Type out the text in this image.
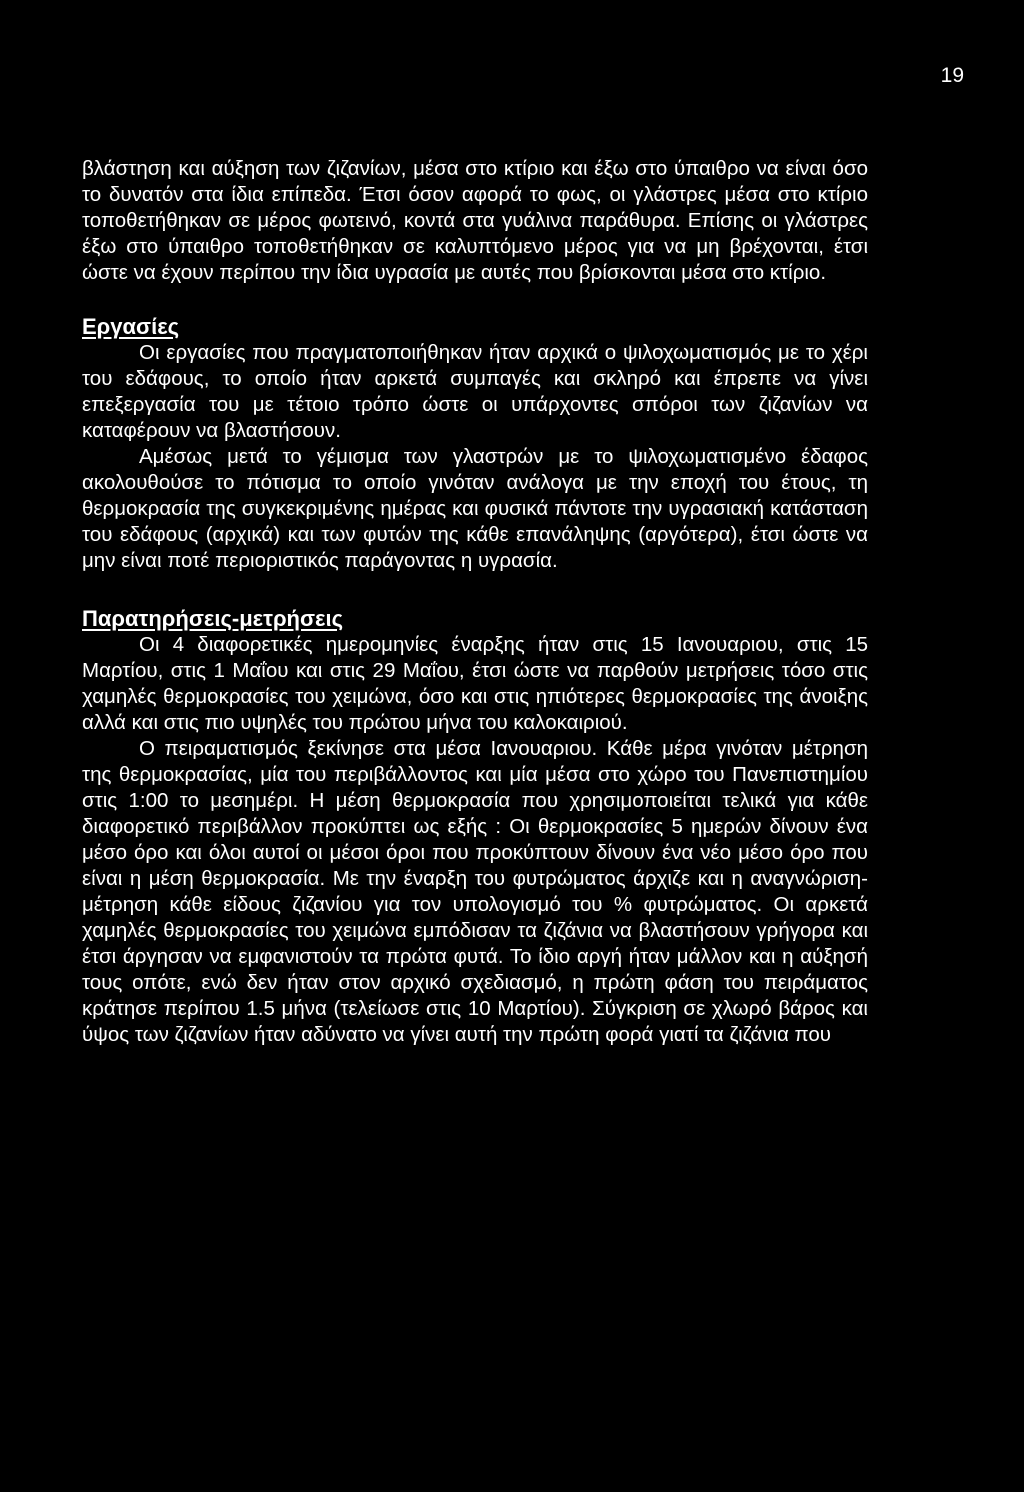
19

βλάστηση και αύξηση των ζιζανίων, μέσα στο κτίριο και έξω στο ύπαιθρο να είναι όσο το δυνατόν στα ίδια επίπεδα. Έτσι όσον αφορά το φως, οι γλάστρες μέσα στο κτίριο τοποθετήθηκαν σε μέρος φωτεινό, κοντά στα γυάλινα παράθυρα. Επίσης οι γλάστρες έξω στο ύπαιθρο τοποθετήθηκαν σε καλυπτόμενο μέρος για να μη βρέχονται, έτσι ώστε να έχουν περίπου την ίδια υγρασία με αυτές που βρίσκονται μέσα στο κτίριο.

Εργασίες

Οι εργασίες που πραγματοποιήθηκαν ήταν αρχικά ο ψιλοχωματισμός με το χέρι του εδάφους, το οποίο ήταν αρκετά συμπαγές και σκληρό και έπρεπε να γίνει επεξεργασία του με τέτοιο τρόπο ώστε οι υπάρχοντες σπόροι των ζιζανίων να καταφέρουν να βλαστήσουν.

Αμέσως μετά το γέμισμα των γλαστρών με το ψιλοχωματισμένο έδαφος ακολουθούσε το πότισμα το οποίο γινόταν ανάλογα με την εποχή του έτους, τη θερμοκρασία της συγκεκριμένης ημέρας και φυσικά πάντοτε την υγρασιακή κατάσταση του εδάφους (αρχικά) και των φυτών της κάθε επανάληψης (αργότερα), έτσι ώστε να μην είναι ποτέ περιοριστικός παράγοντας η υγρασία.

Παρατηρήσεις-μετρήσεις

Οι 4 διαφορετικές ημερομηνίες έναρξης ήταν στις 15 Ιανουαριου, στις 15 Μαρτίου, στις 1 Μαΐου και στις 29 Μαΐου, έτσι ώστε να παρθούν μετρήσεις τόσο στις χαμηλές θερμοκρασίες του χειμώνα, όσο και στις ηπιότερες θερμοκρασίες της άνοιξης αλλά και στις πιο υψηλές του πρώτου μήνα του καλοκαιριού.

Ο πειραματισμός ξεκίνησε στα μέσα Ιανουαριου. Κάθε μέρα γινόταν μέτρηση της θερμοκρασίας, μία του περιβάλλοντος και μία μέσα στο χώρο του Πανεπιστημίου στις 1:00 το μεσημέρι. Η μέση θερμοκρασία που χρησιμοποιείται τελικά για κάθε διαφορετικό περιβάλλον προκύπτει ως εξής : Οι θερμοκρασίες 5 ημερών δίνουν ένα μέσο όρο και όλοι αυτοί οι μέσοι όροι που προκύπτουν δίνουν ένα νέο μέσο όρο που είναι η μέση θερμοκρασία. Με την έναρξη του φυτρώματος άρχιζε και η αναγνώριση-μέτρηση κάθε είδους ζιζανίου για τον υπολογισμό του % φυτρώματος. Οι αρκετά χαμηλές θερμοκρασίες του χειμώνα εμπόδισαν τα ζιζάνια να βλαστήσουν γρήγορα και έτσι άργησαν να εμφανιστούν τα πρώτα φυτά. Το ίδιο αργή ήταν μάλλον και η αύξησή τους οπότε, ενώ δεν ήταν στον αρχικό σχεδιασμό, η πρώτη φάση του πειράματος κράτησε περίπου 1.5 μήνα (τελείωσε στις 10 Μαρτίου). Σύγκριση σε χλωρό βάρος και ύψος των ζιζανίων ήταν αδύνατο να γίνει αυτή την πρώτη φορά γιατί τα ζιζάνια που
